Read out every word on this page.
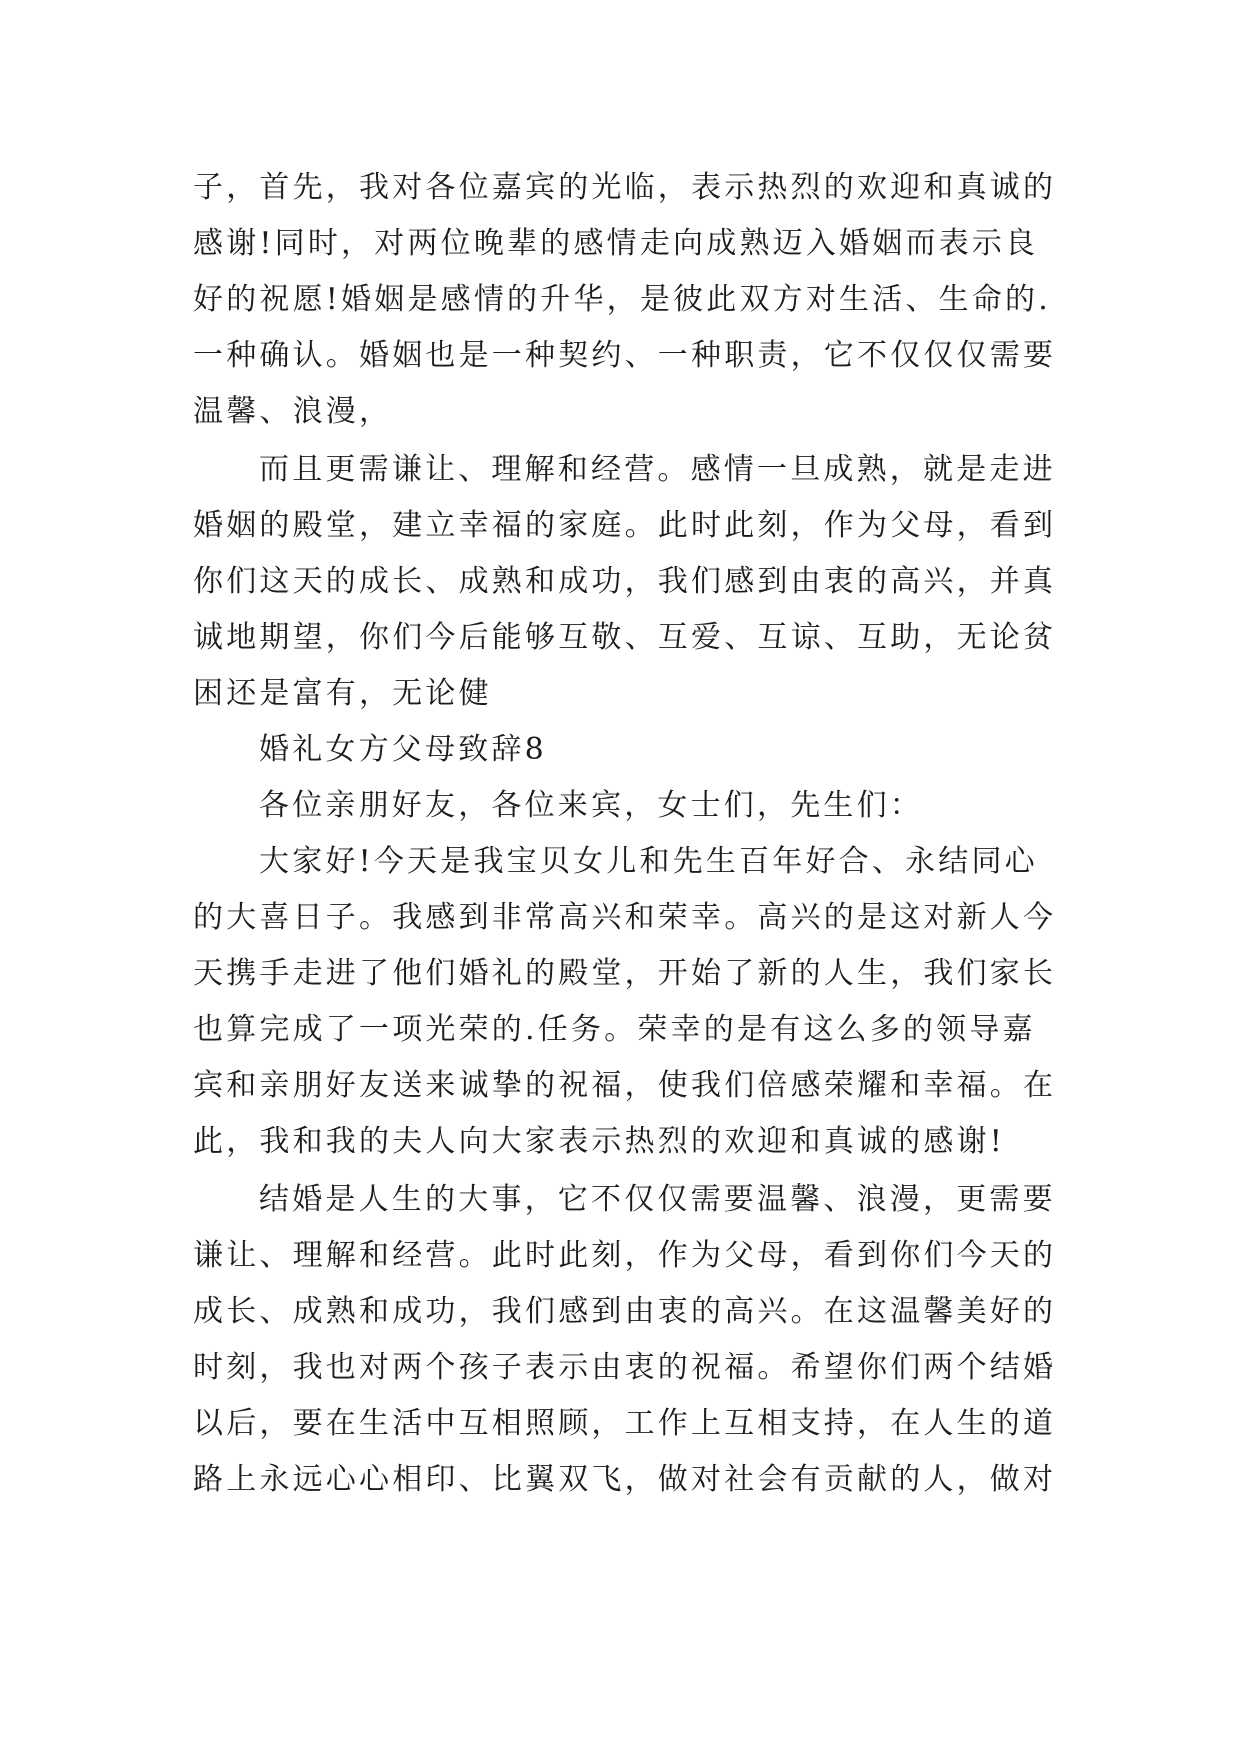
子，首先，我对各位嘉宾的光临，表示热烈的欢迎和真诚的
感谢!同时，对两位晚辈的感情走向成熟迈入婚姻而表示良
好的祝愿!婚姻是感情的升华，是彼此双方对生活、生命的.
一种确认。婚姻也是一种契约、一种职责，它不仅仅仅需要
温馨、浪漫，
而且更需谦让、理解和经营。感情一旦成熟，就是走进
婚姻的殿堂，建立幸福的家庭。此时此刻，作为父母，看到
你们这天的成长、成熟和成功，我们感到由衷的高兴，并真
诚地期望，你们今后能够互敬、互爱、互谅、互助，无论贫
困还是富有，无论健
婚礼女方父母致辞8
各位亲朋好友，各位来宾，女士们，先生们：
大家好!今天是我宝贝女儿和先生百年好合、永结同心
的大喜日子。我感到非常高兴和荣幸。高兴的是这对新人今
天携手走进了他们婚礼的殿堂，开始了新的人生，我们家长
也算完成了一项光荣的.任务。荣幸的是有这么多的领导嘉
宾和亲朋好友送来诚挚的祝福，使我们倍感荣耀和幸福。在
此，我和我的夫人向大家表示热烈的欢迎和真诚的感谢!
结婚是人生的大事，它不仅仅需要温馨、浪漫，更需要
谦让、理解和经营。此时此刻，作为父母，看到你们今天的
成长、成熟和成功，我们感到由衷的高兴。在这温馨美好的
时刻，我也对两个孩子表示由衷的祝福。希望你们两个结婚
以后，要在生活中互相照顾，工作上互相支持，在人生的道
路上永远心心相印、比翼双飞，做对社会有贡献的人，做对
